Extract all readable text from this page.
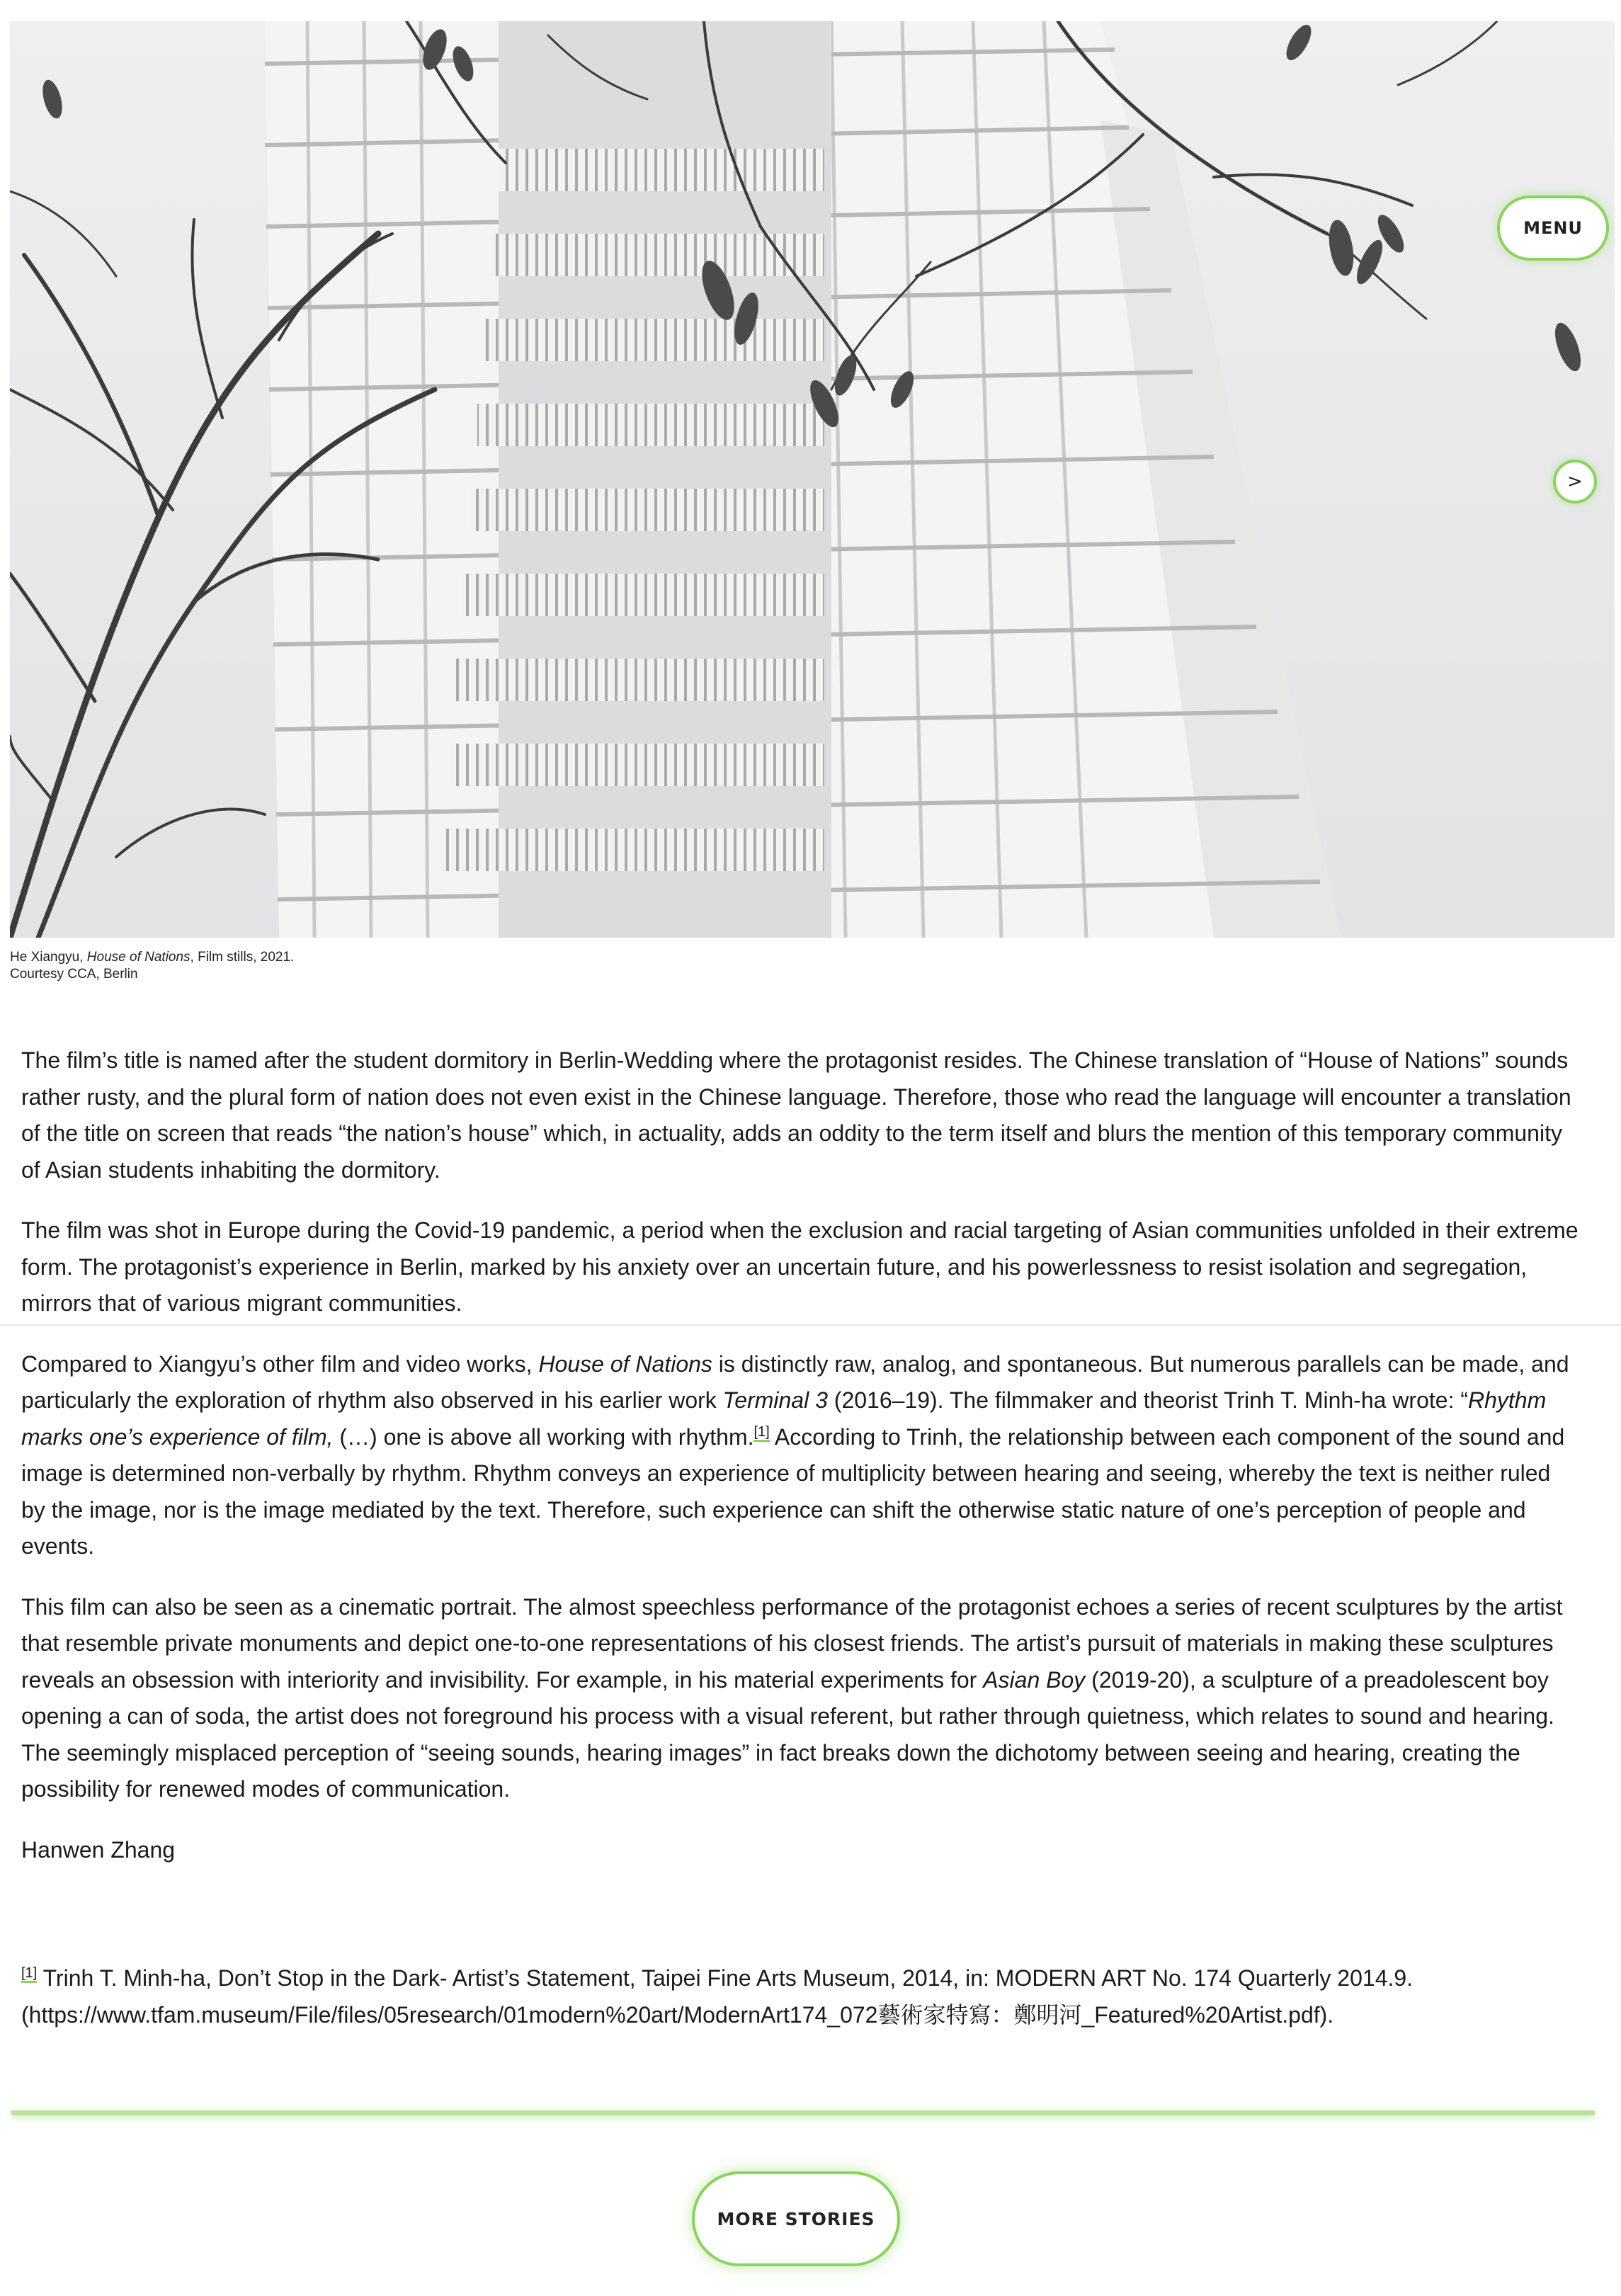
MENU
>
He Xiangyu, House of Nations, Film stills, 2021.
Courtesy CCA, Berlin

The film’s title is named after the student dormitory in Berlin-Wedding where the protagonist resides. The Chinese translation of “House of Nations” sounds rather rusty, and the plural form of nation does not even exist in the Chinese language. Therefore, those who read the language will encounter a translation of the title on screen that reads “the nation’s house” which, in actuality, adds an oddity to the term itself and blurs the mention of this temporary community of Asian students inhabiting the dormitory.

The film was shot in Europe during the Covid-19 pandemic, a period when the exclusion and racial targeting of Asian communities unfolded in their extreme form. The protagonist’s experience in Berlin, marked by his anxiety over an uncertain future, and his powerlessness to resist isolation and segregation, mirrors that of various migrant communities.

Compared to Xiangyu’s other film and video works, House of Nations is distinctly raw, analog, and spontaneous. But numerous parallels can be made, and particularly the exploration of rhythm also observed in his earlier work Terminal 3 (2016–19). The filmmaker and theorist Trinh T. Minh-ha wrote: “Rhythm marks one’s experience of film, (…) one is above all working with rhythm.[1] According to Trinh, the relationship between each component of the sound and image is determined non-verbally by rhythm. Rhythm conveys an experience of multiplicity between hearing and seeing, whereby the text is neither ruled by the image, nor is the image mediated by the text. Therefore, such experience can shift the otherwise static nature of one’s perception of people and events.

This film can also be seen as a cinematic portrait. The almost speechless performance of the protagonist echoes a series of recent sculptures by the artist that resemble private monuments and depict one-to-one representations of his closest friends. The artist’s pursuit of materials in making these sculptures reveals an obsession with interiority and invisibility. For example, in his material experiments for Asian Boy (2019-20), a sculpture of a preadolescent boy opening a can of soda, the artist does not foreground his process with a visual referent, but rather through quietness, which relates to sound and hearing. The seemingly misplaced perception of “seeing sounds, hearing images” in fact breaks down the dichotomy between seeing and hearing, creating the possibility for renewed modes of communication.

Hanwen Zhang

[1] Trinh T. Minh-ha, Don’t Stop in the Dark- Artist’s Statement, Taipei Fine Arts Museum, 2014, in: MODERN ART No. 174 Quarterly 2014.9.
(https://www.tfam.museum/File/files/05research/01modern%20art/ModernArt174_072藝術家特寫：鄭明河_Featured%20Artist.pdf).
MORE STORIES
